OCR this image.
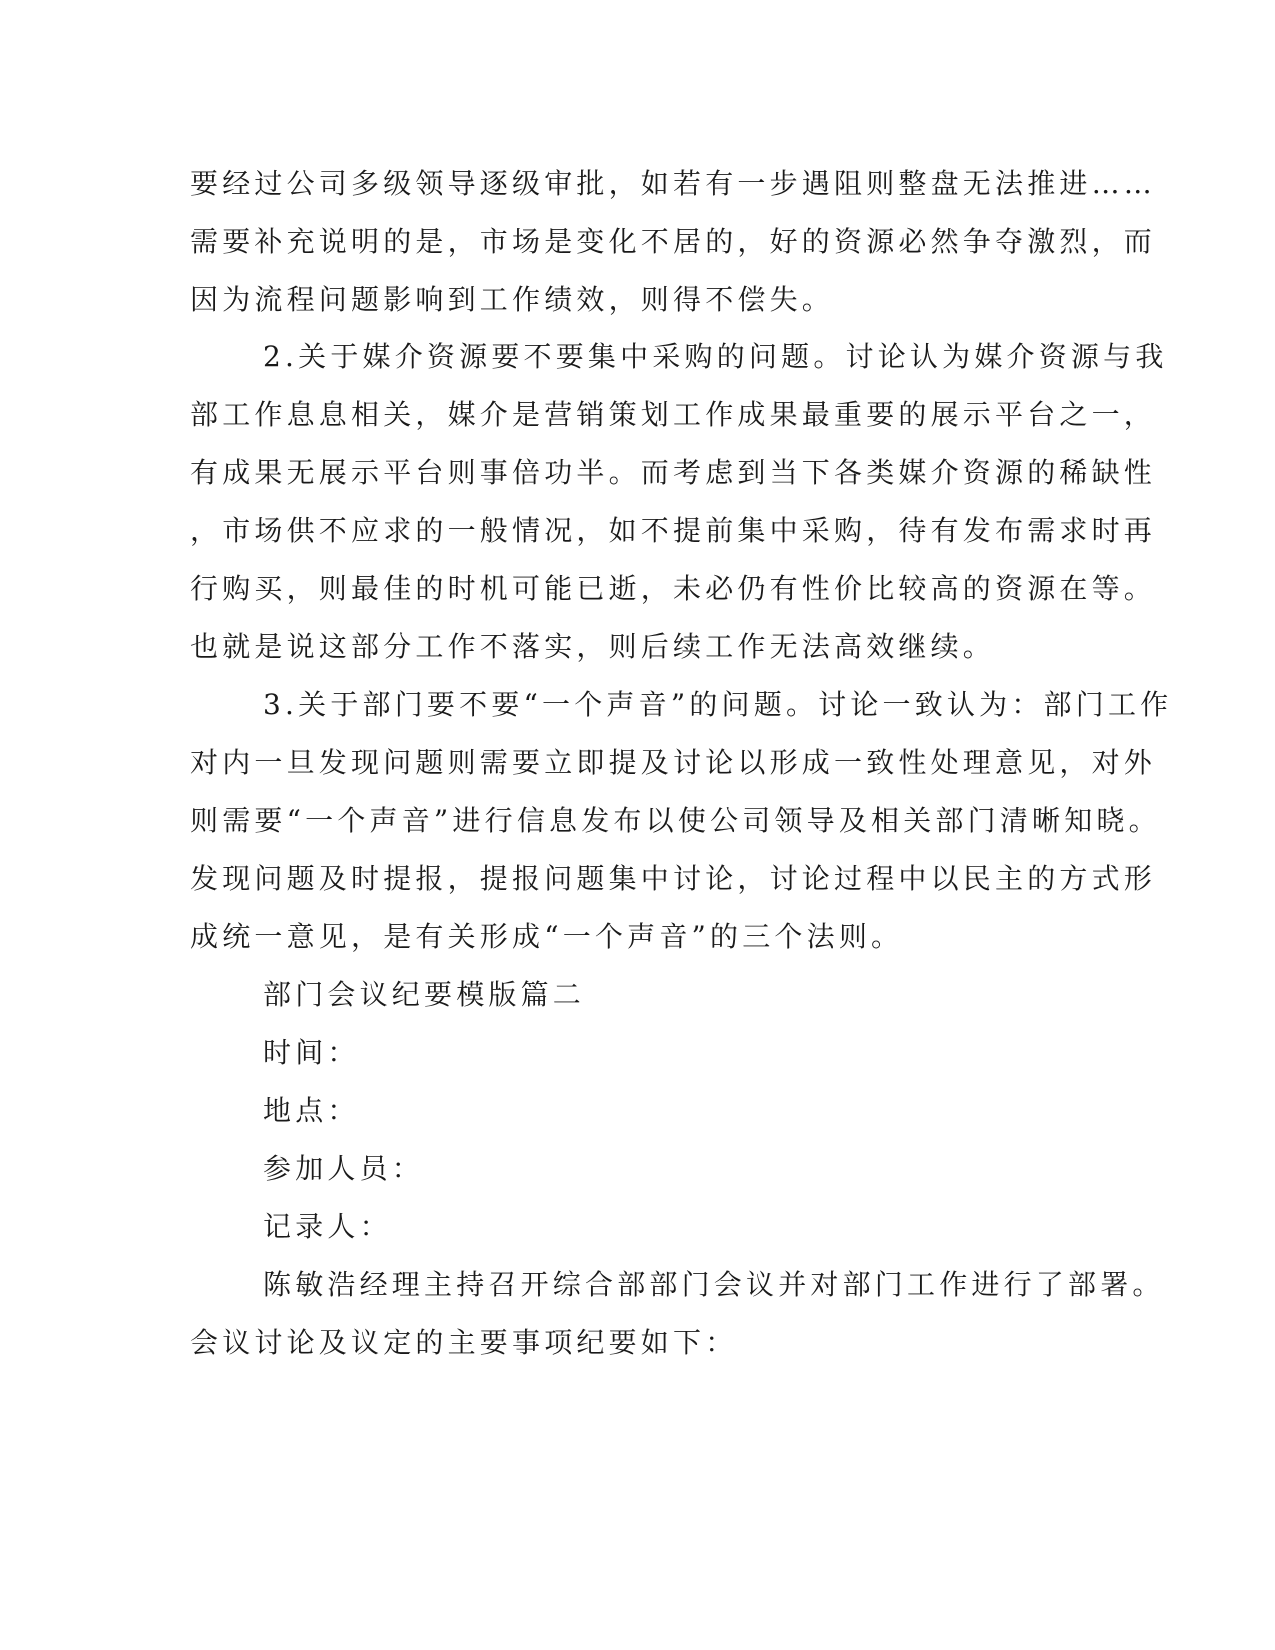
要经过公司多级领导逐级审批，如若有一步遇阻则整盘无法推进……
需要补充说明的是，市场是变化不居的，好的资源必然争夺激烈，而
因为流程问题影响到工作绩效，则得不偿失。
2.关于媒介资源要不要集中采购的问题。讨论认为媒介资源与我
部工作息息相关，媒介是营销策划工作成果最重要的展示平台之一，
有成果无展示平台则事倍功半。而考虑到当下各类媒介资源的稀缺性
，市场供不应求的一般情况，如不提前集中采购，待有发布需求时再
行购买，则最佳的时机可能已逝，未必仍有性价比较高的资源在等。
也就是说这部分工作不落实，则后续工作无法高效继续。
3.关于部门要不要“一个声音”的问题。讨论一致认为：部门工作
对内一旦发现问题则需要立即提及讨论以形成一致性处理意见，对外
则需要“一个声音”进行信息发布以使公司领导及相关部门清晰知晓。
发现问题及时提报，提报问题集中讨论，讨论过程中以民主的方式形
成统一意见，是有关形成“一个声音”的三个法则。
部门会议纪要模版篇二
时间：
地点：
参加人员：
记录人：
陈敏浩经理主持召开综合部部门会议并对部门工作进行了部署。
会议讨论及议定的主要事项纪要如下：
